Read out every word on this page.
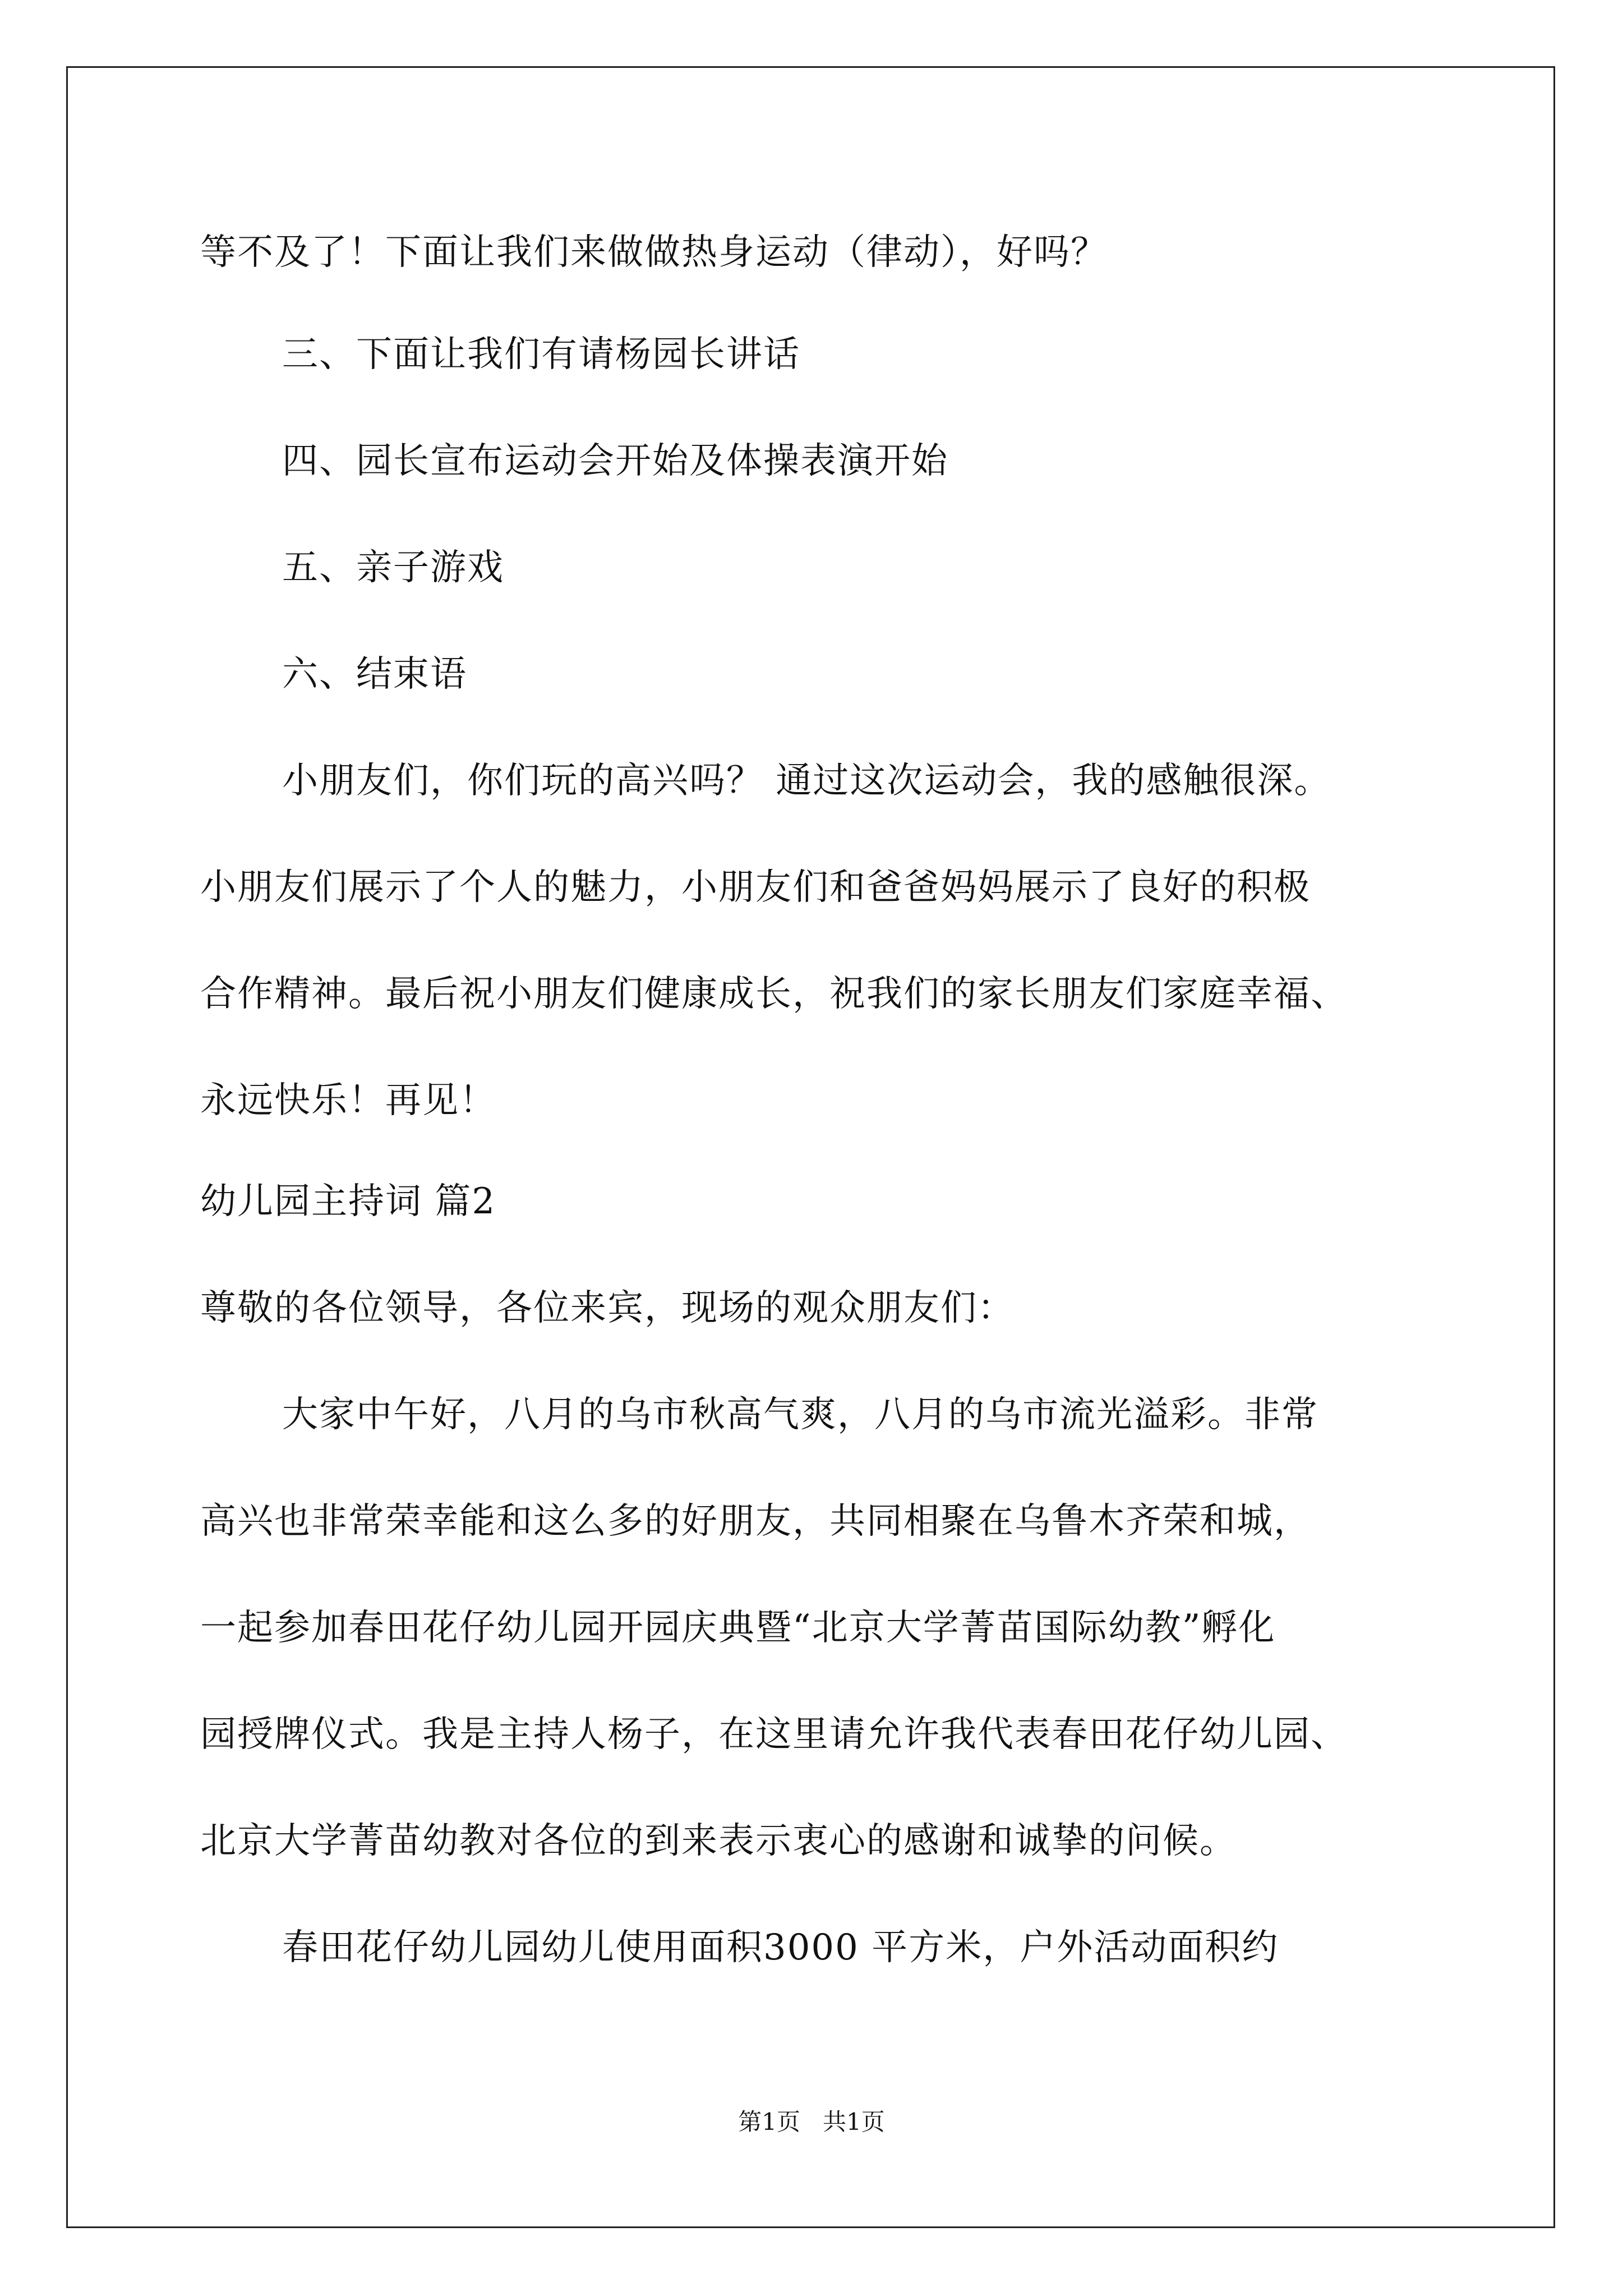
等不及了！下面让我们来做做热身运动（律动），好吗？
三、下面让我们有请杨园长讲话
四、园长宣布运动会开始及体操表演开始
五、亲子游戏
六、结束语
小朋友们，你们玩的高兴吗？ 通过这次运动会，我的感触很深。
小朋友们展示了个人的魅力，小朋友们和爸爸妈妈展示了良好的积极
合作精神。最后祝小朋友们健康成长，祝我们的家长朋友们家庭幸福、
永远快乐！再见！
幼儿园主持词 篇2
尊敬的各位领导，各位来宾，现场的观众朋友们：
大家中午好，八月的乌市秋高气爽，八月的乌市流光溢彩。非常
高兴也非常荣幸能和这么多的好朋友，共同相聚在乌鲁木齐荣和城，
一起参加春田花仔幼儿园开园庆典暨“北京大学菁苗国际幼教”孵化
园授牌仪式。我是主持人杨子，在这里请允许我代表春田花仔幼儿园、
北京大学菁苗幼教对各位的到来表示衷心的感谢和诚挚的问候。
春田花仔幼儿园幼儿使用面积3000 平方米，户外活动面积约
第1页   共1页
